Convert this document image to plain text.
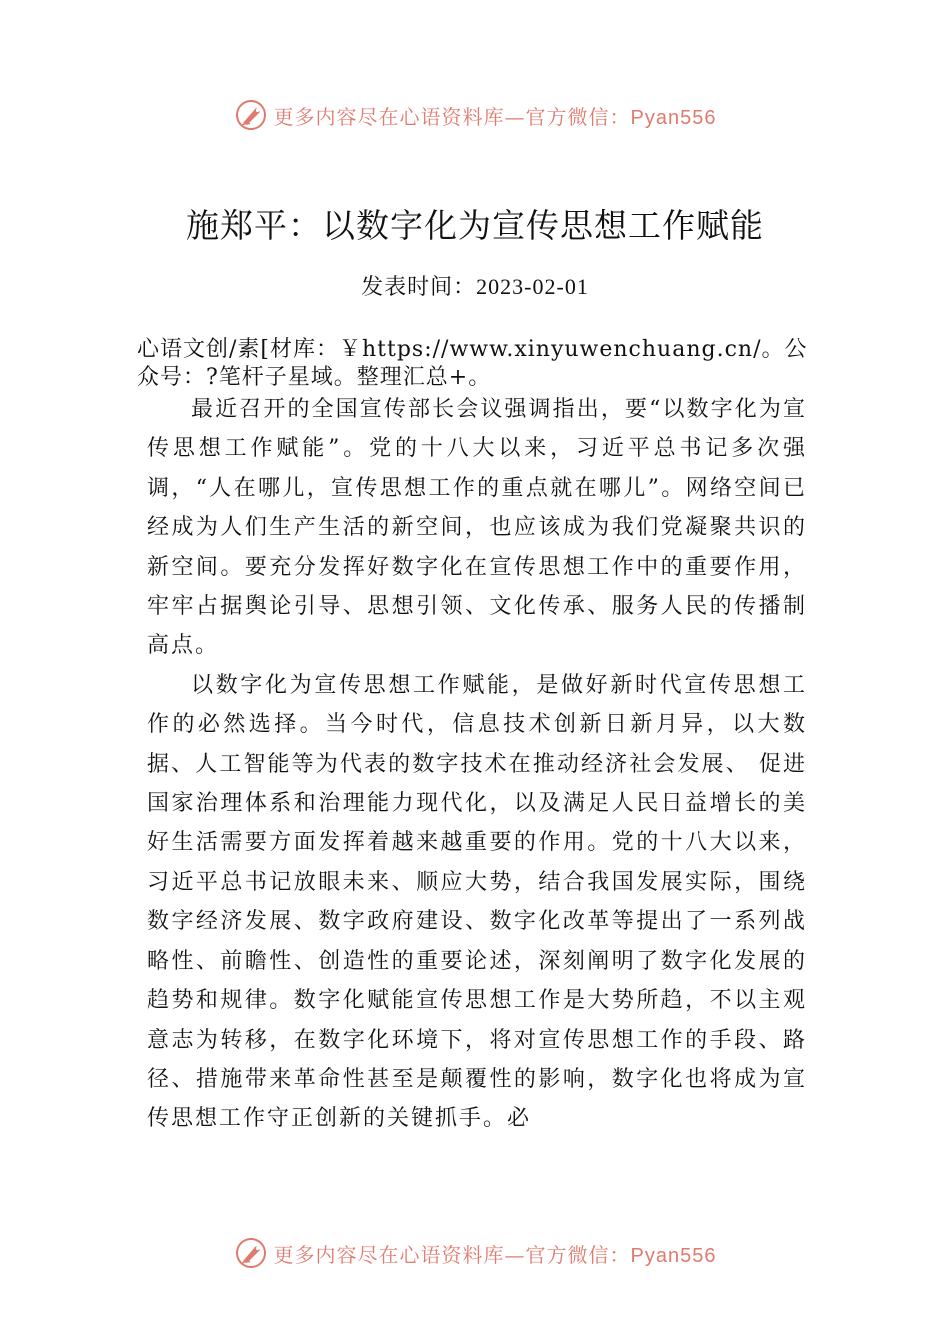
更多内容尽在心语资料库—官方微信：Pyan556
施郑平：以数字化为宣传思想工作赋能
发表时间：2023-02-01

心语文创/素[材库：￥https://www.xinyuwenchuang.cn/。公众号：?笔杆子星域。整理汇总+。

最近召开的全国宣传部长会议强调指出，要“以数字化为宣传思想工作赋能”。党的十八大以来，习近平总书记多次强调，“人在哪儿，宣传思想工作的重点就在哪儿”。网络空间已经成为人们生产生活的新空间，也应该成为我们党凝聚共识的新空间。要充分发挥好数字化在宣传思想工作中的重要作用，牢牢占据舆论引导、思想引领、文化传承、服务人民的传播制高点。

以数字化为宣传思想工作赋能，是做好新时代宣传思想工作的必然选择。当今时代，信息技术创新日新月异，以大数据、人工智能等为代表的数字技术在推动经济社会发展、 促进国家治理体系和治理能力现代化，以及满足人民日益增长的美好生活需要方面发挥着越来越重要的作用。党的十八大以来，习近平总书记放眼未来、顺应大势，结合我国发展实际，围绕数字经济发展、数字政府建设、数字化改革等提出了一系列战略性、前瞻性、创造性的重要论述，深刻阐明了数字化发展的趋势和规律。数字化赋能宣传思想工作是大势所趋，不以主观意志为转移，在数字化环境下，将对宣传思想工作的手段、路径、措施带来革命性甚至是颠覆性的影响，数字化也将成为宣传思想工作守正创新的关键抓手。必

更多内容尽在心语资料库—官方微信：Pyan556
